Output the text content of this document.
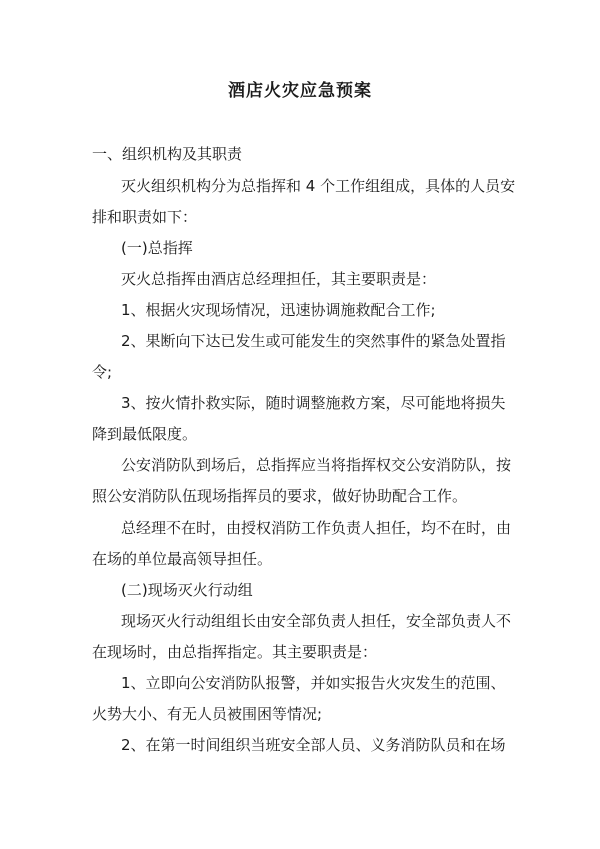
酒店火灾应急预案
一、组织机构及其职责
灭火组织机构分为总指挥和 4 个工作组组成，具体的人员安
排和职责如下：
(一)总指挥
灭火总指挥由酒店总经理担任，其主要职责是：
1、根据火灾现场情况，迅速协调施救配合工作;
2、果断向下达已发生或可能发生的突然事件的紧急处置指
令;
3、按火情扑救实际，随时调整施救方案，尽可能地将损失
降到最低限度。
公安消防队到场后，总指挥应当将指挥权交公安消防队，按
照公安消防队伍现场指挥员的要求，做好协助配合工作。
总经理不在时，由授权消防工作负责人担任，均不在时，由
在场的单位最高领导担任。
(二)现场灭火行动组
现场灭火行动组组长由安全部负责人担任，安全部负责人不
在现场时，由总指挥指定。其主要职责是：
1、立即向公安消防队报警，并如实报告火灾发生的范围、
火势大小、有无人员被围困等情况;
2、在第一时间组织当班安全部人员、义务消防队员和在场
